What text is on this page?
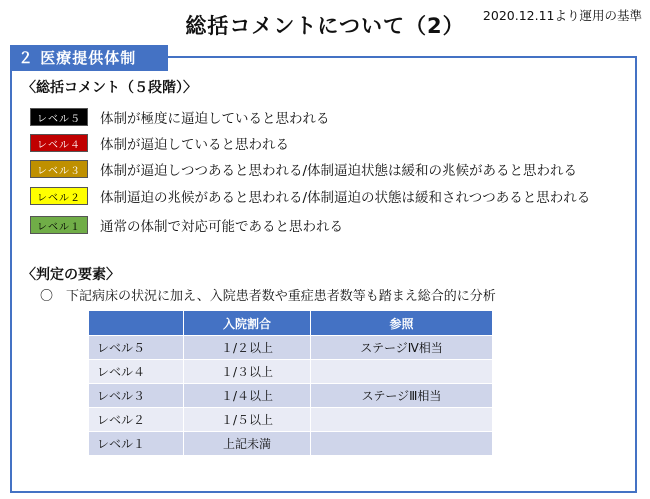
総括コメントについて（2）	2020.12.11より運用の基準
２ 医療提供体制
〈総括コメント（５段階）〉
レベル５	体制が極度に逼迫していると思われる
レベル４	体制が逼迫していると思われる
レベル３	体制が逼迫しつつあると思われる/体制逼迫状態は緩和の兆候があると思われる
レベル２	体制逼迫の兆候があると思われる/体制逼迫の状態は緩和されつつあると思われる
レベル１	通常の体制で対応可能であると思われる
〈判定の要素〉
〇　下記病床の状況に加え、入院患者数や重症患者数等も踏まえ総合的に分析
	入院割合	参照
レベル５	１/２以上	ステージⅣ相当
レベル４	１/３以上	
レベル３	１/４以上	ステージⅢ相当
レベル２	１/５以上	
レベル１	上記未満	
